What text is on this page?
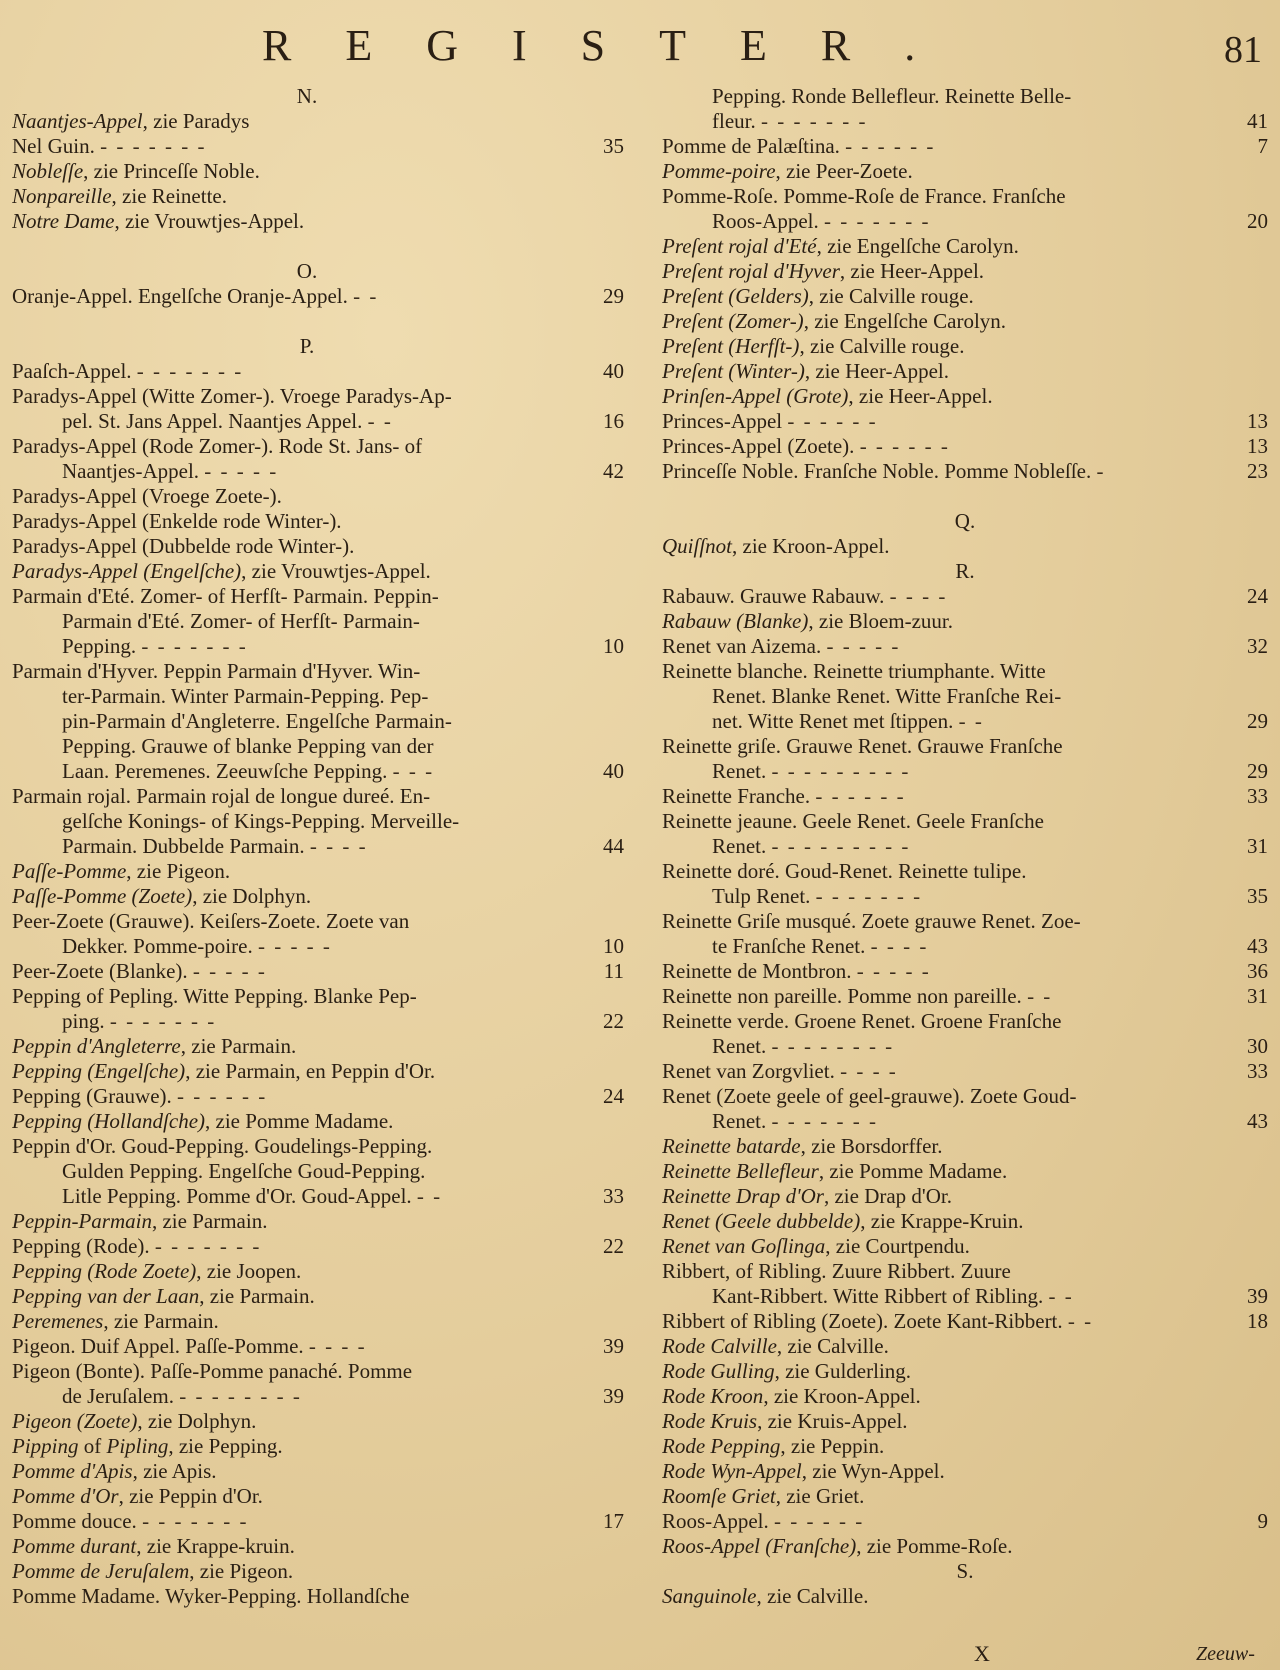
REGISTER.	81
N.
Naantjes-Appel, zie Paradys
Nel Guin. - - - - - - -	35
Nobleſſe, zie Princeſſe Noble.
Nonpareille, zie Reinette.
Notre Dame, zie Vrouwtjes-Appel.
O.
Oranje-Appel. Engelſche Oranje-Appel. - -	29
P.
Paaſch-Appel. - - - - - - -	40
Paradys-Appel (Witte Zomer-). Vroege Paradys-Ap-
pel. St. Jans Appel. Naantjes Appel. - -	16
Paradys-Appel (Rode Zomer-). Rode St. Jans- of
Naantjes-Appel. - - - - -	42
Paradys-Appel (Vroege Zoete-).
Paradys-Appel (Enkelde rode Winter-).
Paradys-Appel (Dubbelde rode Winter-).
Paradys-Appel (Engelſche), zie Vrouwtjes-Appel.
Parmain d'Eté. Zomer- of Herfſt- Parmain. Peppin-
Parmain d'Eté. Zomer- of Herfſt- Parmain-
Pepping. - - - - - - -	10
Parmain d'Hyver. Peppin Parmain d'Hyver. Win-
ter-Parmain. Winter Parmain-Pepping. Pep-
pin-Parmain d'Angleterre. Engelſche Parmain-
Pepping. Grauwe of blanke Pepping van der
Laan. Peremenes. Zeeuwſche Pepping. - - -	40
Parmain rojal. Parmain rojal de longue dureé. En-
gelſche Konings- of Kings-Pepping. Merveille-
Parmain. Dubbelde Parmain. - - - -	44
Paſſe-Pomme, zie Pigeon.
Paſſe-Pomme (Zoete), zie Dolphyn.
Peer-Zoete (Grauwe). Keiſers-Zoete. Zoete van
Dekker. Pomme-poire. - - - - -	10
Peer-Zoete (Blanke). - - - - -	11
Pepping of Pepling. Witte Pepping. Blanke Pep-
ping. - - - - - - -	22
Peppin d'Angleterre, zie Parmain.
Pepping (Engelſche), zie Parmain, en Peppin d'Or.
Pepping (Grauwe). - - - - - -	24
Pepping (Hollandſche), zie Pomme Madame.
Peppin d'Or. Goud-Pepping. Goudelings-Pepping.
Gulden Pepping. Engelſche Goud-Pepping.
Litle Pepping. Pomme d'Or. Goud-Appel. - -	33
Peppin-Parmain, zie Parmain.
Pepping (Rode). - - - - - - -	22
Pepping (Rode Zoete), zie Joopen.
Pepping van der Laan, zie Parmain.
Peremenes, zie Parmain.
Pigeon. Duif Appel. Paſſe-Pomme. - - - -	39
Pigeon (Bonte). Paſſe-Pomme panaché. Pomme
de Jeruſalem. - - - - - - - -	39
Pigeon (Zoete), zie Dolphyn.
Pipping of Pipling, zie Pepping.
Pomme d'Apis, zie Apis.
Pomme d'Or, zie Peppin d'Or.
Pomme douce. - - - - - - -	17
Pomme durant, zie Krappe-kruin.
Pomme de Jeruſalem, zie Pigeon.
Pomme Madame. Wyker-Pepping. Hollandſche
Pepping. Ronde Bellefleur. Reinette Belle-
fleur. - - - - - - -	41
Pomme de Palæſtina. - - - - - -	7
Pomme-poire, zie Peer-Zoete.
Pomme-Roſe. Pomme-Roſe de France. Franſche
Roos-Appel. - - - - - - -	20
Preſent rojal d'Eté, zie Engelſche Carolyn.
Preſent rojal d'Hyver, zie Heer-Appel.
Preſent (Gelders), zie Calville rouge.
Preſent (Zomer-), zie Engelſche Carolyn.
Preſent (Herfſt-), zie Calville rouge.
Preſent (Winter-), zie Heer-Appel.
Prinſen-Appel (Grote), zie Heer-Appel.
Princes-Appel - - - - - -	13
Princes-Appel (Zoete). - - - - - -	13
Princeſſe Noble. Franſche Noble. Pomme Nobleſſe. -	23
Q.
Quiſſnot, zie Kroon-Appel.
R.
Rabauw. Grauwe Rabauw. - - - -	24
Rabauw (Blanke), zie Bloem-zuur.
Renet van Aizema. - - - - -	32
Reinette blanche. Reinette triumphante. Witte
Renet. Blanke Renet. Witte Franſche Rei-
net. Witte Renet met ſtippen. - -	29
Reinette griſe. Grauwe Renet. Grauwe Franſche
Renet. - - - - - - - - -	29
Reinette Franche. - - - - - -	33
Reinette jeaune. Geele Renet. Geele Franſche
Renet. - - - - - - - - -	31
Reinette doré. Goud-Renet. Reinette tulipe.
Tulp Renet. - - - - - - -	35
Reinette Griſe musqué. Zoete grauwe Renet. Zoe-
te Franſche Renet. - - - -	43
Reinette de Montbron. - - - - -	36
Reinette non pareille. Pomme non pareille. - -	31
Reinette verde. Groene Renet. Groene Franſche
Renet. - - - - - - - -	30
Renet van Zorgvliet. - - - -	33
Renet (Zoete geele of geel-grauwe). Zoete Goud-
Renet. - - - - - - -	43
Reinette batarde, zie Borsdorffer.
Reinette Bellefleur, zie Pomme Madame.
Reinette Drap d'Or, zie Drap d'Or.
Renet (Geele dubbelde), zie Krappe-Kruin.
Renet van Goſlinga, zie Courtpendu.
Ribbert, of Ribling. Zuure Ribbert. Zuure
Kant-Ribbert. Witte Ribbert of Ribling. - -	39
Ribbert of Ribling (Zoete). Zoete Kant-Ribbert. - -	18
Rode Calville, zie Calville.
Rode Gulling, zie Gulderling.
Rode Kroon, zie Kroon-Appel.
Rode Kruis, zie Kruis-Appel.
Rode Pepping, zie Peppin.
Rode Wyn-Appel, zie Wyn-Appel.
Roomſe Griet, zie Griet.
Roos-Appel. - - - - - -	9
Roos-Appel (Franſche), zie Pomme-Roſe.
S.
Sanguinole, zie Calville.
X	Zeeuw-
